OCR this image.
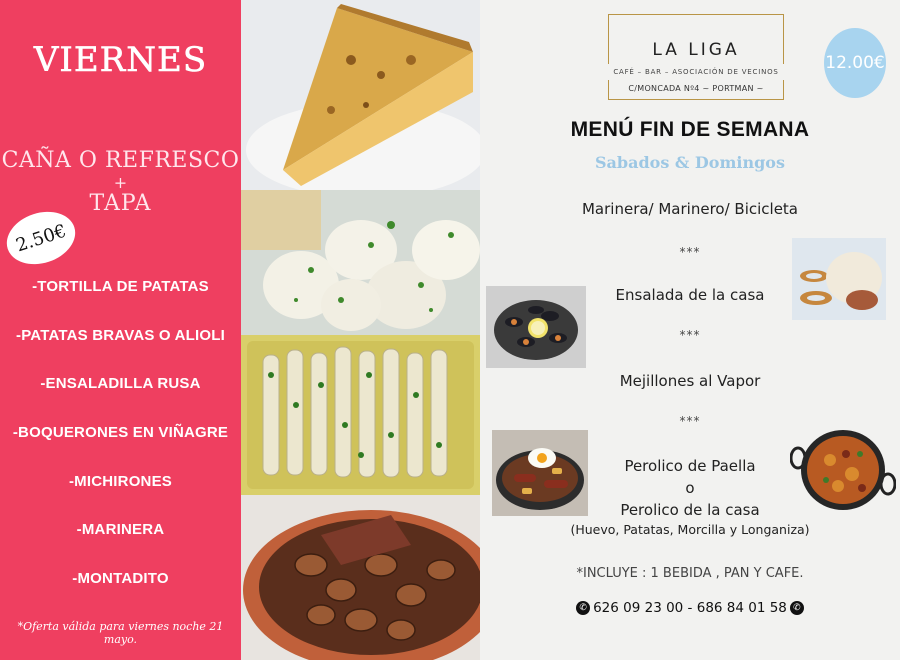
VIERNES
CAÑA O REFRESCO
+
TAPA
2.50€
-TORTILLA DE PATATAS
-PATATAS BRAVAS O ALIOLI
-ENSALADILLA RUSA
-BOQUERONES EN VIÑAGRE
-MICHIRONES
-MARINERA
-MONTADITO
*Oferta válida para viernes noche 21 mayo.
LA LIGA
CAFÉ – BAR – ASOCIACIÓN DE VECINOS
C/MONCADA Nº4 ~ PORTMAN ~
12.00€
MENÚ FIN DE SEMANA
Sabados & Domingos
Marinera/ Marinero/ Bicicleta
***
Ensalada de la casa
***
Mejillones al Vapor
***
Perolico de Paella
o
Perolico de la casa
(Huevo, Patatas, Morcilla y Longaniza)
*INCLUYE : 1 BEBIDA , PAN Y CAFE.
✆ 626 09 23 00 - 686 84 01 58 ✆
